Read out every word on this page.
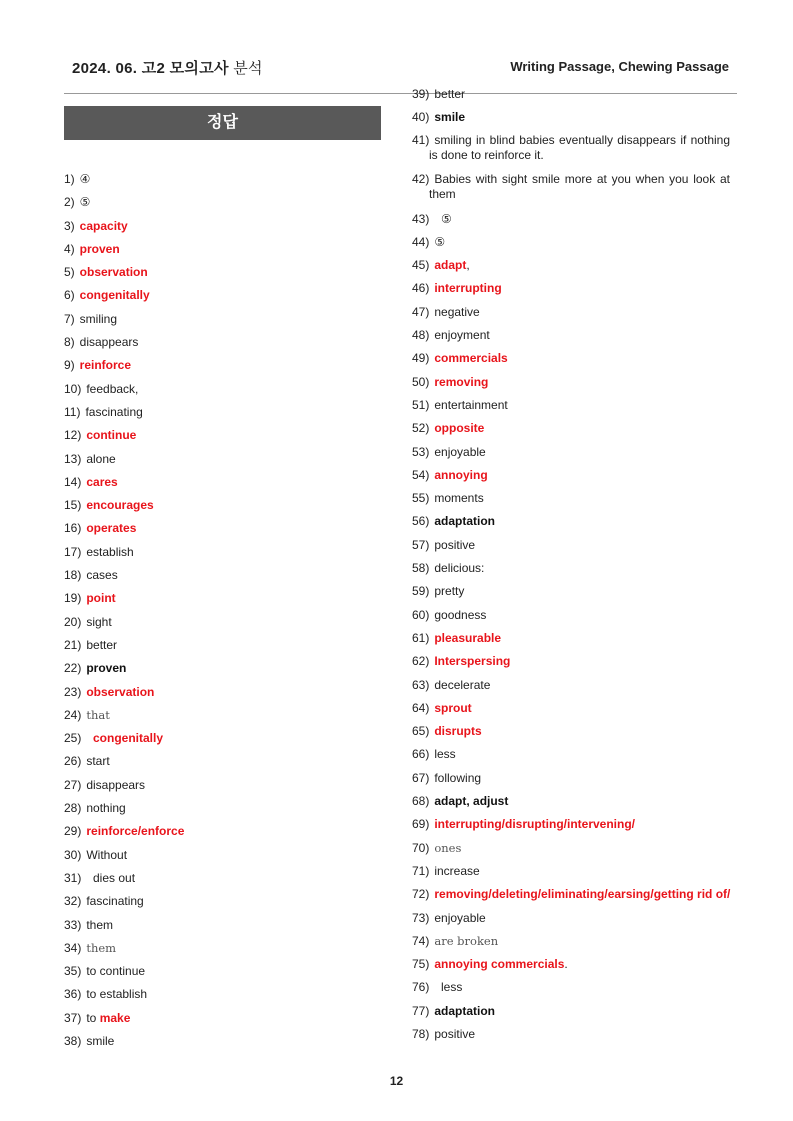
2024. 06. 고2 모의고사 분석	Writing Passage, Chewing Passage
정답
1) ④
2) ⑤
3) capacity
4) proven
5) observation
6) congenitally
7) smiling
8) disappears
9) reinforce
10) feedback,
11) fascinating
12) continue
13) alone
14) cares
15) encourages
16) operates
17) establish
18) cases
19) point
20) sight
21) better
22) proven
23) observation
24) that
25)  congenitally
26) start
27) disappears
28) nothing
29) reinforce/enforce
30) Without
31)  dies out
32) fascinating
33) them
34) them
35) to continue
36) to establish
37) to make
38) smile
39) better
40) smile
41) smiling in blind babies eventually disappears if nothing is done to reinforce it.
42) Babies with sight smile more at you when you look at them
43)  ⑤
44) ⑤
45) adapt,
46) interrupting
47) negative
48) enjoyment
49) commercials
50) removing
51) entertainment
52) opposite
53) enjoyable
54) annoying
55) moments
56) adaptation
57) positive
58) delicious:
59) pretty
60) goodness
61) pleasurable
62) Interspersing
63) decelerate
64) sprout
65) disrupts
66) less
67) following
68) adapt, adjust
69) interrupting/disrupting/intervening/
70) ones
71) increase
72) removing/deleting/eliminating/earsing/getting rid of/
73) enjoyable
74) are broken
75) annoying commercials.
76)  less
77) adaptation
78) positive
12
